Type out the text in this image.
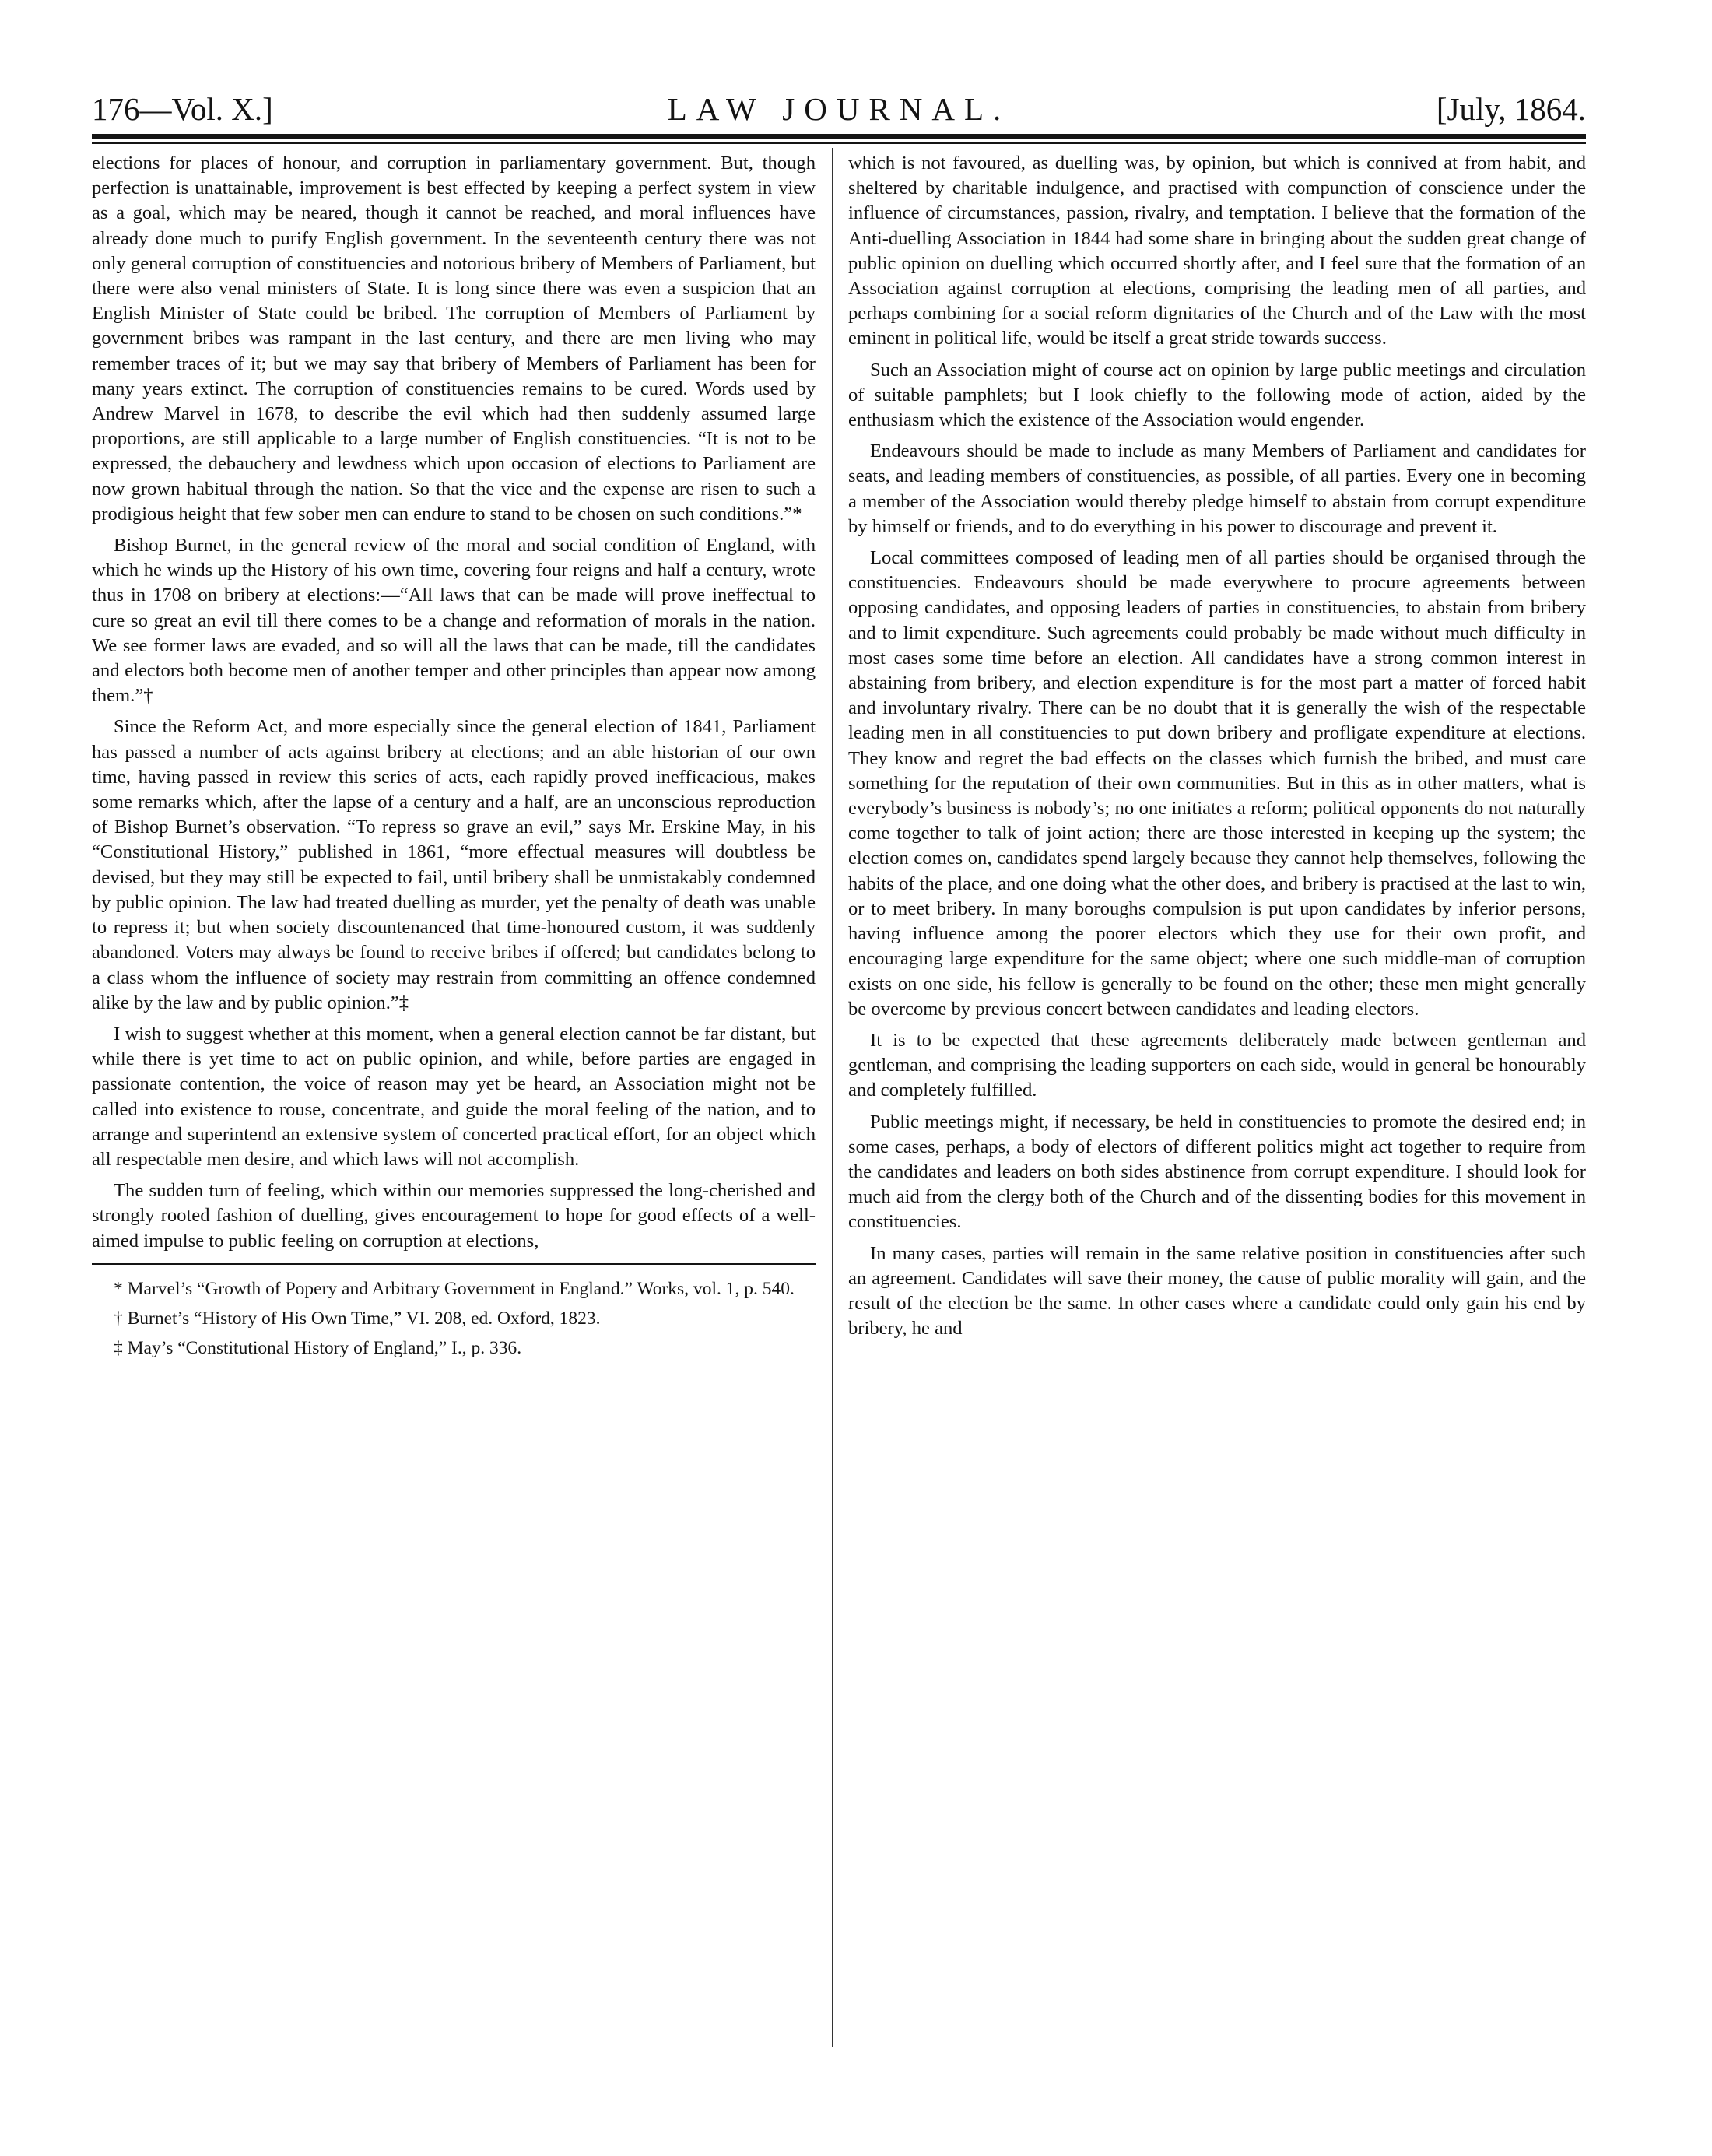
176—Vol. X.]	LAW JOURNAL.	[July, 1864.

elections for places of honour, and corruption in parliamentary government. But, though perfection is unattainable, improvement is best effected by keeping a perfect system in view as a goal, which may be neared, though it cannot be reached, and moral influences have already done much to purify English government. In the seventeenth century there was not only general corruption of constituencies and notorious bribery of Members of Parliament, but there were also venal ministers of State. It is long since there was even a suspicion that an English Minister of State could be bribed. The corruption of Members of Parliament by government bribes was rampant in the last century, and there are men living who may remember traces of it; but we may say that bribery of Members of Parliament has been for many years extinct. The corruption of constituencies remains to be cured. Words used by Andrew Marvel in 1678, to describe the evil which had then suddenly assumed large proportions, are still applicable to a large number of English constituencies. “It is not to be expressed, the debauchery and lewdness which upon occasion of elections to Parliament are now grown habitual through the nation. So that the vice and the expense are risen to such a prodigious height that few sober men can endure to stand to be chosen on such conditions.”*

Bishop Burnet, in the general review of the moral and social condition of England, with which he winds up the History of his own time, covering four reigns and half a century, wrote thus in 1708 on bribery at elections:—“All laws that can be made will prove ineffectual to cure so great an evil till there comes to be a change and reformation of morals in the nation. We see former laws are evaded, and so will all the laws that can be made, till the candidates and electors both become men of another temper and other principles than appear now among them.”†

Since the Reform Act, and more especially since the general election of 1841, Parliament has passed a number of acts against bribery at elections; and an able historian of our own time, having passed in review this series of acts, each rapidly proved inefficacious, makes some remarks which, after the lapse of a century and a half, are an unconscious reproduction of Bishop Burnet’s observation. “To repress so grave an evil,” says Mr. Erskine May, in his “Constitutional History,” published in 1861, “more effectual measures will doubtless be devised, but they may still be expected to fail, until bribery shall be unmistakably condemned by public opinion. The law had treated duelling as murder, yet the penalty of death was unable to repress it; but when society discountenanced that time-honoured custom, it was suddenly abandoned. Voters may always be found to receive bribes if offered; but candidates belong to a class whom the influence of society may restrain from committing an offence condemned alike by the law and by public opinion.”‡

I wish to suggest whether at this moment, when a general election cannot be far distant, but while there is yet time to act on public opinion, and while, before parties are engaged in passionate contention, the voice of reason may yet be heard, an Association might not be called into existence to rouse, concentrate, and guide the moral feeling of the nation, and to arrange and superintend an extensive system of concerted practical effort, for an object which all respectable men desire, and which laws will not accomplish.

The sudden turn of feeling, which within our memories suppressed the long-cherished and strongly rooted fashion of duelling, gives encouragement to hope for good effects of a well-aimed impulse to public feeling on corruption at elections,

* Marvel’s “Growth of Popery and Arbitrary Government in England.” Works, vol. 1, p. 540.

† Burnet’s “History of His Own Time,” VI. 208, ed. Oxford, 1823.

‡ May’s “Constitutional History of England,” I., p. 336.

which is not favoured, as duelling was, by opinion, but which is connived at from habit, and sheltered by charitable indulgence, and practised with compunction of conscience under the influence of circumstances, passion, rivalry, and temptation. I believe that the formation of the Anti-duelling Association in 1844 had some share in bringing about the sudden great change of public opinion on duelling which occurred shortly after, and I feel sure that the formation of an Association against corruption at elections, comprising the leading men of all parties, and perhaps combining for a social reform dignitaries of the Church and of the Law with the most eminent in political life, would be itself a great stride towards success.

Such an Association might of course act on opinion by large public meetings and circulation of suitable pamphlets; but I look chiefly to the following mode of action, aided by the enthusiasm which the existence of the Association would engender.

Endeavours should be made to include as many Members of Parliament and candidates for seats, and leading members of constituencies, as possible, of all parties. Every one in becoming a member of the Association would thereby pledge himself to abstain from corrupt expenditure by himself or friends, and to do everything in his power to discourage and prevent it.

Local committees composed of leading men of all parties should be organised through the constituencies. Endeavours should be made everywhere to procure agreements between opposing candidates, and opposing leaders of parties in constituencies, to abstain from bribery and to limit expenditure. Such agreements could probably be made without much difficulty in most cases some time before an election. All candidates have a strong common interest in abstaining from bribery, and election expenditure is for the most part a matter of forced habit and involuntary rivalry. There can be no doubt that it is generally the wish of the respectable leading men in all constituencies to put down bribery and profligate expenditure at elections. They know and regret the bad effects on the classes which furnish the bribed, and must care something for the reputation of their own communities. But in this as in other matters, what is everybody’s business is nobody’s; no one initiates a reform; political opponents do not naturally come together to talk of joint action; there are those interested in keeping up the system; the election comes on, candidates spend largely because they cannot help themselves, following the habits of the place, and one doing what the other does, and bribery is practised at the last to win, or to meet bribery. In many boroughs compulsion is put upon candidates by inferior persons, having influence among the poorer electors which they use for their own profit, and encouraging large expenditure for the same object; where one such middle-man of corruption exists on one side, his fellow is generally to be found on the other; these men might generally be overcome by previous concert between candidates and leading electors.

It is to be expected that these agreements deliberately made between gentleman and gentleman, and comprising the leading supporters on each side, would in general be honourably and completely fulfilled.

Public meetings might, if necessary, be held in constituencies to promote the desired end; in some cases, perhaps, a body of electors of different politics might act together to require from the candidates and leaders on both sides abstinence from corrupt expenditure. I should look for much aid from the clergy both of the Church and of the dissenting bodies for this movement in constituencies.

In many cases, parties will remain in the same relative position in constituencies after such an agreement. Candidates will save their money, the cause of public morality will gain, and the result of the election be the same. In other cases where a candidate could only gain his end by bribery, he and
